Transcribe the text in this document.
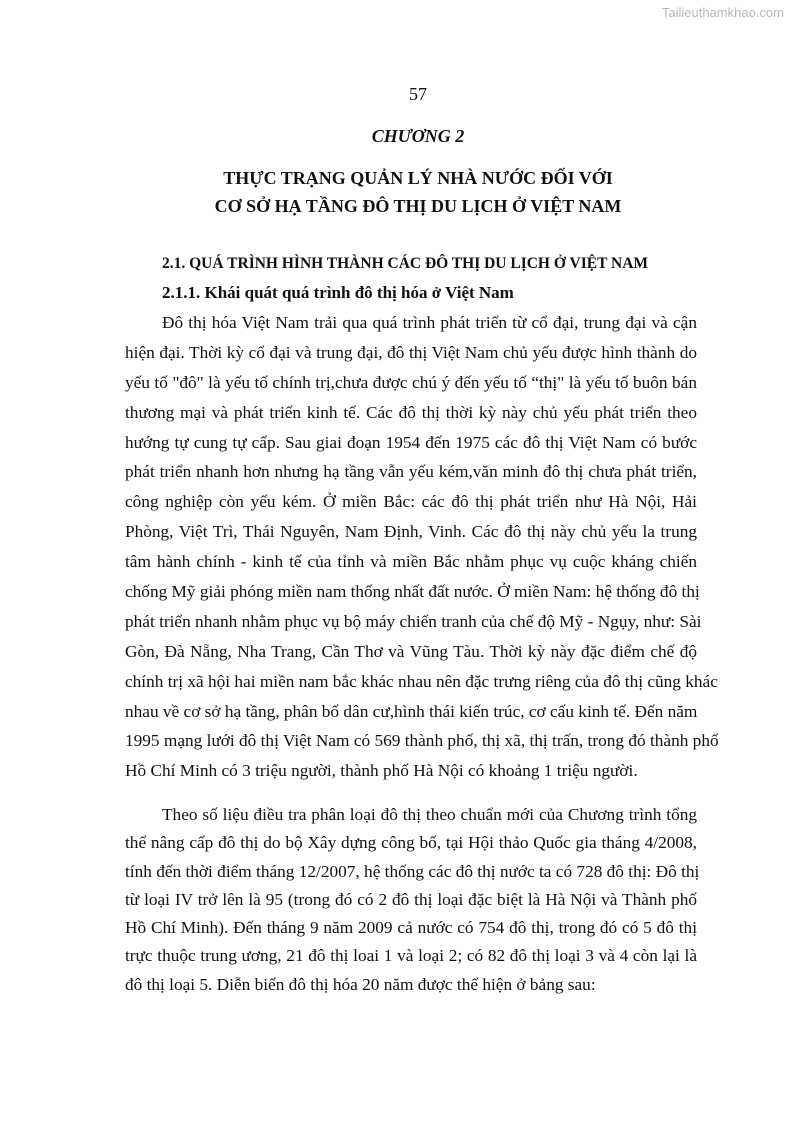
Tailieuthamkhao.com
57
CHƯƠNG 2
THỰC TRẠNG QUẢN LÝ NHÀ NƯỚC ĐỐI VỚI
CƠ SỞ HẠ TẦNG ĐÔ THỊ DU LỊCH Ở VIỆT NAM
2.1. QUÁ TRÌNH HÌNH THÀNH CÁC ĐÔ THỊ DU LỊCH Ở VIỆT NAM
2.1.1. Khái quát quá trình đô thị hóa ở Việt Nam
Đô thị hóa Việt Nam trải qua quá trình phát triển từ cổ đại, trung đại và cận
hiện đại. Thời kỳ cổ đại và trung đại, đô thị Việt Nam chủ yếu được hình thành do
yếu tố "đô" là yếu tố chính trị,chưa được chú ý đến yếu tố “thị" là yếu tố buôn bán
thương mại và phát triển kinh tế. Các đô thị thời kỳ này chủ yếu phát triển theo
hướng tự cung tự cấp. Sau giai đoạn 1954 đến 1975 các đô thị Việt Nam có bước
phát triển nhanh hơn nhưng hạ tầng vẫn yếu kém,văn minh đô thị chưa phát triển,
công nghiệp còn yếu kém. Ở miền Bắc: các đô thị phát triển như Hà Nội, Hải
Phòng, Việt Trì, Thái Nguyên, Nam Định, Vinh. Các đô thị này chủ yếu la trung
tâm hành chính - kinh tế của tỉnh và miền Bắc nhằm phục vụ cuộc kháng chiến
chống Mỹ giải phóng miền nam thống nhất đất nước. Ở miền Nam: hệ thống đô thị
phát triển nhanh nhằm phục vụ bộ máy chiến tranh của chế độ Mỹ - Ngụy, như: Sài
Gòn, Đà Nẵng, Nha Trang, Cần Thơ và Vũng Tàu. Thời kỳ này đặc điểm chế độ
chính trị xã hội hai miền nam bắc khác nhau nên đặc trưng riêng của đô thị cũng khác
nhau về cơ sở hạ tầng, phân bố dân cư,hình thái kiến trúc, cơ cấu kinh tế. Đến năm
1995 mạng lưới đô thị Việt Nam có 569 thành phố, thị xã, thị trấn, trong đó thành phố
Hồ Chí Minh có 3 triệu người, thành phố Hà Nội có khoảng 1 triệu người.
Theo số liệu điều tra phân loại đô thị theo chuẩn mới của Chương trình tổng
thể nâng cấp đô thị do bộ Xây dựng công bố, tại Hội thảo Quốc gia tháng 4/2008,
tính đến thời điểm tháng 12/2007, hệ thống các đô thị nước ta có 728 đô thị: Đô thị
từ loại IV trở lên là 95 (trong đó có 2 đô thị loại đặc biệt là Hà Nội và Thành phố
Hồ Chí Minh). Đến tháng 9 năm 2009 cả nước có 754 đô thị, trong đó có 5 đô thị
trực thuộc trung ương, 21 đô thị loai 1 và loại 2; có 82 đô thị loại 3 và 4 còn lại là
đô thị loại 5. Diễn biến đô thị hóa 20 năm được thể hiện ở bảng sau:
